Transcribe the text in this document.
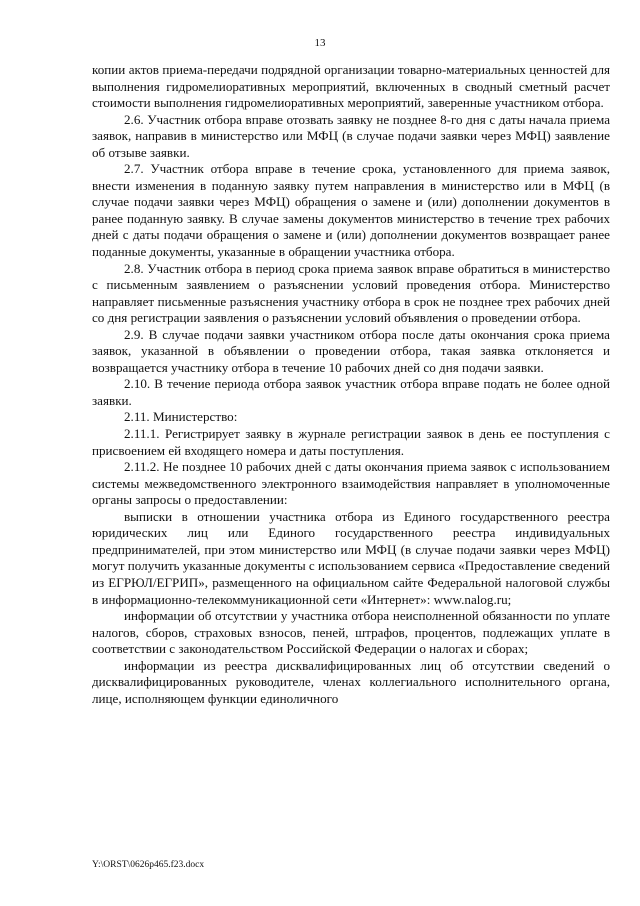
13

копии актов приема-передачи подрядной организации товарно-материальных ценностей для выполнения гидромелиоративных мероприятий, включенных в сводный сметный расчет стоимости выполнения гидромелиоративных мероприятий, заверенные участником отбора.

2.6. Участник отбора вправе отозвать заявку не позднее 8-го дня с даты начала приема заявок, направив в министерство или МФЦ (в случае подачи заявки через МФЦ) заявление об отзыве заявки.

2.7. Участник отбора вправе в течение срока, установленного для приема заявок, внести изменения в поданную заявку путем направления в министерство или в МФЦ (в случае подачи заявки через МФЦ) обращения о замене и (или) дополнении документов в ранее поданную заявку. В случае замены документов министерство в течение трех рабочих дней с даты подачи обращения о замене и (или) дополнении документов возвращает ранее поданные документы, указанные в обращении участника отбора.

2.8. Участник отбора в период срока приема заявок вправе обратиться в министерство с письменным заявлением о разъяснении условий проведения отбора. Министерство направляет письменные разъяснения участнику отбора в срок не позднее трех рабочих дней со дня регистрации заявления о разъяснении условий объявления о проведении отбора.

2.9. В случае подачи заявки участником отбора после даты окончания срока приема заявок, указанной в объявлении о проведении отбора, такая заявка отклоняется и возвращается участнику отбора в течение 10 рабочих дней со дня подачи заявки.

2.10. В течение периода отбора заявок участник отбора вправе подать не более одной заявки.

2.11. Министерство:

2.11.1. Регистрирует заявку в журнале регистрации заявок в день ее поступления с присвоением ей входящего номера и даты поступления.

2.11.2. Не позднее 10 рабочих дней с даты окончания приема заявок с использованием системы межведомственного электронного взаимодействия направляет в уполномоченные органы запросы о предоставлении:

выписки в отношении участника отбора из Единого государственного реестра юридических лиц или Единого государственного реестра индивидуальных предпринимателей, при этом министерство или МФЦ (в случае подачи заявки через МФЦ) могут получить указанные документы с использованием сервиса «Предоставление сведений из ЕГРЮЛ/ЕГРИП», размещенного на официальном сайте Федеральной налоговой службы в информационно-телекоммуникационной сети «Интернет»: www.nalog.ru;

информации об отсутствии у участника отбора неисполненной обязанности по уплате налогов, сборов, страховых взносов, пеней, штрафов, процентов, подлежащих уплате в соответствии с законодательством Российской Федерации о налогах и сборах;

информации из реестра дисквалифицированных лиц об отсутствии сведений о дисквалифицированных руководителе, членах коллегиального исполнительного органа, лице, исполняющем функции единоличного

Y:\ORST\0626p465.f23.docx
